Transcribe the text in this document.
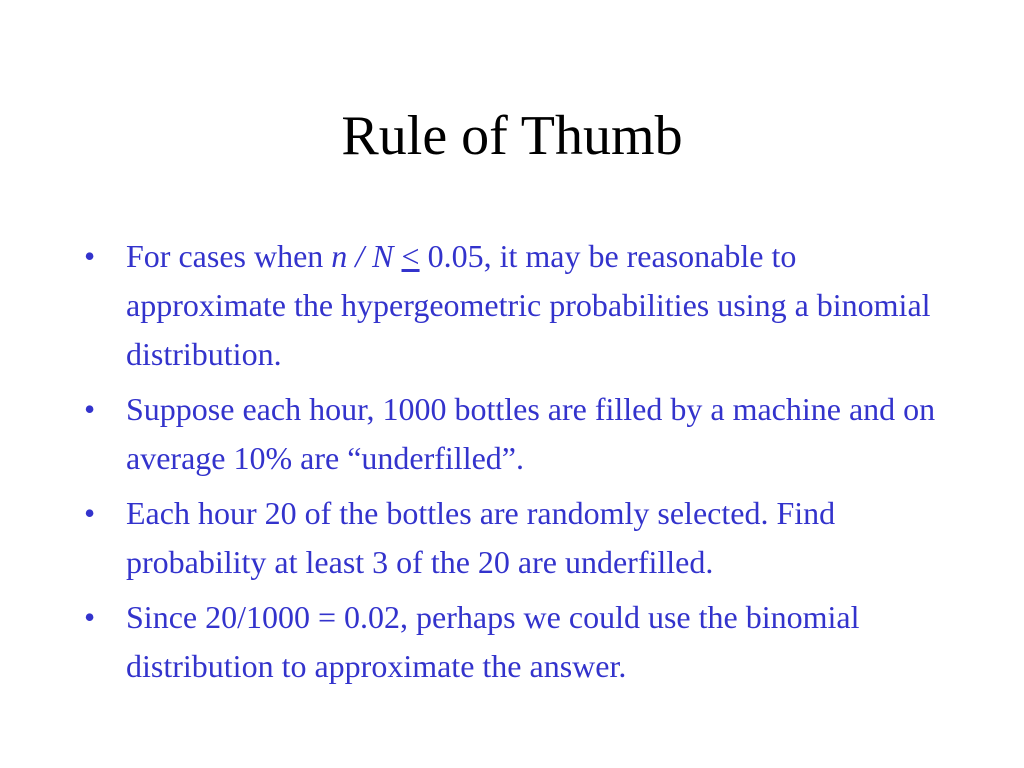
Rule of Thumb
• For cases when n / N ≤ 0.05, it may be reasonable to approximate the hypergeometric probabilities using a binomial distribution.
• Suppose each hour, 1000 bottles are filled by a machine and on average 10% are “underfilled”.
• Each hour 20 of the bottles are randomly selected. Find probability at least 3 of the 20 are underfilled.
• Since 20/1000 = 0.02, perhaps we could use the binomial distribution to approximate the answer.
